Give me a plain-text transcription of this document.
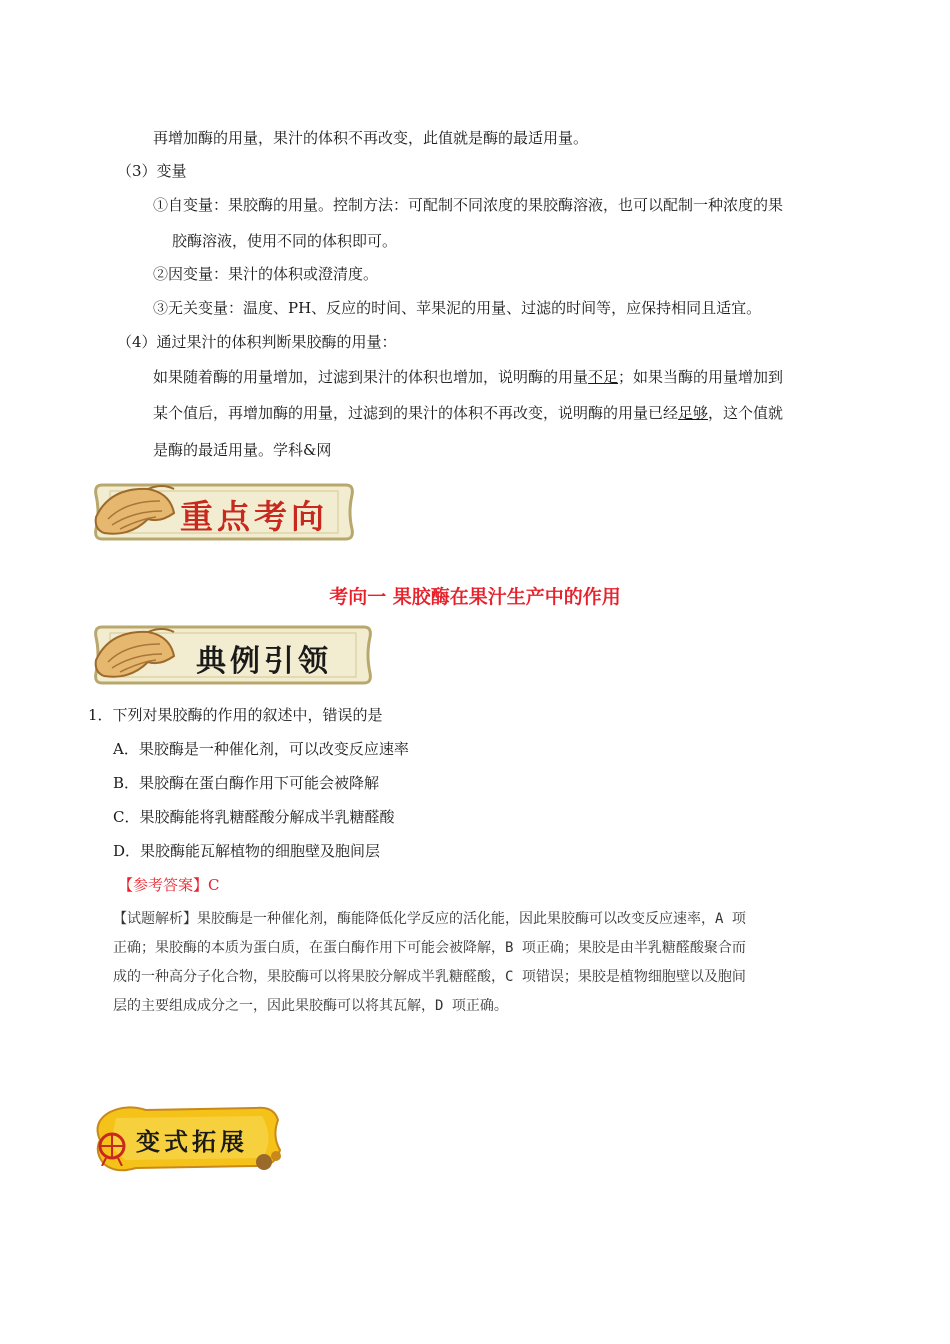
再增加酶的用量，果汁的体积不再改变，此值就是酶的最适用量。
（3）变量
①自变量：果胶酶的用量。控制方法：可配制不同浓度的果胶酶溶液，也可以配制一种浓度的果
胶酶溶液，使用不同的体积即可。
②因变量：果汁的体积或澄清度。
③无关变量：温度、PH、反应的时间、苹果泥的用量、过滤的时间等，应保持相同且适宜。
（4）通过果汁的体积判断果胶酶的用量：
如果随着酶的用量增加，过滤到果汁的体积也增加，说明酶的用量不足；如果当酶的用量增加到
某个值后，再增加酶的用量，过滤到的果汁的体积不再改变，说明酶的用量已经足够，这个值就
是酶的最适用量。学科&网
重点考向
考向一 果胶酶在果汁生产中的作用
典例引领
1．下列对果胶酶的作用的叙述中，错误的是
A．果胶酶是一种催化剂，可以改变反应速率
B．果胶酶在蛋白酶作用下可能会被降解
C．果胶酶能将乳糖醛酸分解成半乳糖醛酸
D．果胶酶能瓦解植物的细胞壁及胞间层
【参考答案】C
【试题解析】果胶酶是一种催化剂，酶能降低化学反应的活化能，因此果胶酶可以改变反应速率，A 项
正确；果胶酶的本质为蛋白质，在蛋白酶作用下可能会被降解，B 项正确；果胶是由半乳糖醛酸聚合而
成的一种高分子化合物，果胶酶可以将果胶分解成半乳糖醛酸，C 项错误；果胶是植物细胞壁以及胞间
层的主要组成成分之一，因此果胶酶可以将其瓦解，D 项正确。
变式拓展
